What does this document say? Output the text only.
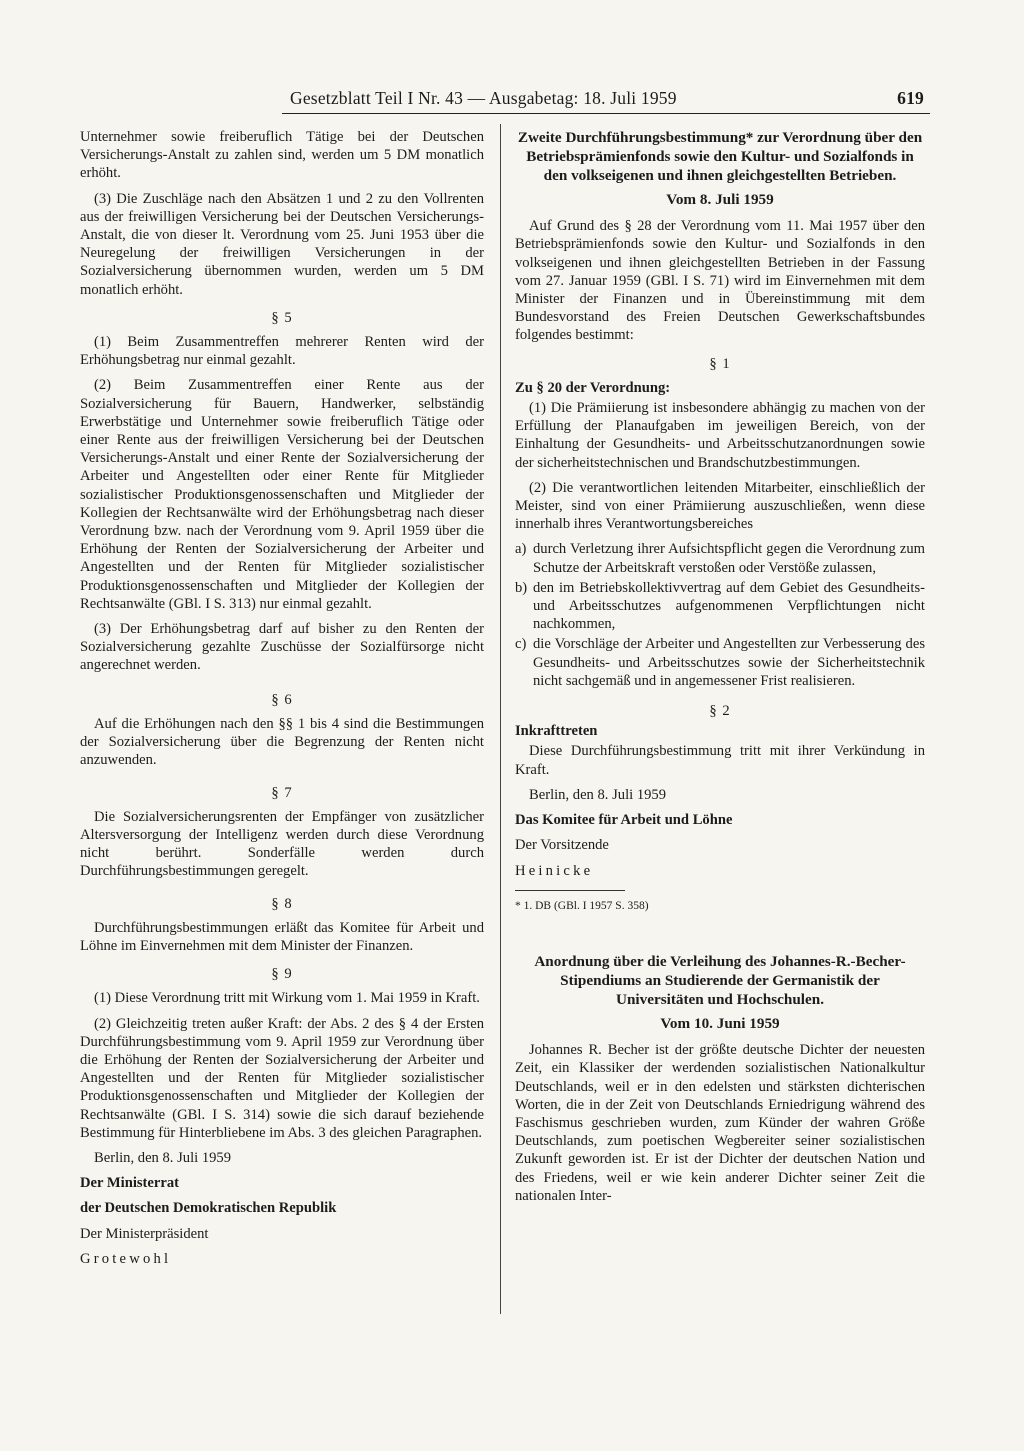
Gesetzblatt Teil I Nr. 43 — Ausgabetag: 18. Juli 1959	619

Unternehmer sowie freiberuflich Tätige bei der Deutschen Versicherungs-Anstalt zu zahlen sind, werden um 5 DM monatlich erhöht.

(3) Die Zuschläge nach den Absätzen 1 und 2 zu den Vollrenten aus der freiwilligen Versicherung bei der Deutschen Versicherungs-Anstalt, die von dieser lt. Verordnung vom 25. Juni 1953 über die Neuregelung der freiwilligen Versicherungen in der Sozialversicherung übernommen wurden, werden um 5 DM monatlich erhöht.

§ 5

(1) Beim Zusammentreffen mehrerer Renten wird der Erhöhungsbetrag nur einmal gezahlt.

(2) Beim Zusammentreffen einer Rente aus der Sozialversicherung für Bauern, Handwerker, selbständig Erwerbstätige und Unternehmer sowie freiberuflich Tätige oder einer Rente aus der freiwilligen Versicherung bei der Deutschen Versicherungs-Anstalt und einer Rente der Sozialversicherung der Arbeiter und Angestellten oder einer Rente für Mitglieder sozialistischer Produktionsgenossenschaften und Mitglieder der Kollegien der Rechtsanwälte wird der Erhöhungsbetrag nach dieser Verordnung bzw. nach der Verordnung vom 9. April 1959 über die Erhöhung der Renten der Sozialversicherung der Arbeiter und Angestellten und der Renten für Mitglieder sozialistischer Produktionsgenossenschaften und Mitglieder der Kollegien der Rechtsanwälte (GBl. I S. 313) nur einmal gezahlt.

(3) Der Erhöhungsbetrag darf auf bisher zu den Renten der Sozialversicherung gezahlte Zuschüsse der Sozialfürsorge nicht angerechnet werden.

§ 6

Auf die Erhöhungen nach den §§ 1 bis 4 sind die Bestimmungen der Sozialversicherung über die Begrenzung der Renten nicht anzuwenden.

§ 7

Die Sozialversicherungsrenten der Empfänger von zusätzlicher Altersversorgung der Intelligenz werden durch diese Verordnung nicht berührt. Sonderfälle werden durch Durchführungsbestimmungen geregelt.

§ 8

Durchführungsbestimmungen erläßt das Komitee für Arbeit und Löhne im Einvernehmen mit dem Minister der Finanzen.

§ 9

(1) Diese Verordnung tritt mit Wirkung vom 1. Mai 1959 in Kraft.

(2) Gleichzeitig treten außer Kraft: der Abs. 2 des § 4 der Ersten Durchführungsbestimmung vom 9. April 1959 zur Verordnung über die Erhöhung der Renten der Sozialversicherung der Arbeiter und Angestellten und der Renten für Mitglieder sozialistischer Produktionsgenossenschaften und Mitglieder der Kollegien der Rechtsanwälte (GBl. I S. 314) sowie die sich darauf beziehende Bestimmung für Hinterbliebene im Abs. 3 des gleichen Paragraphen.

Berlin, den 8. Juli 1959

Der Ministerrat

der Deutschen Demokratischen Republik

Der Ministerpräsident

Grotewohl

Zweite Durchführungsbestimmung* zur Verordnung über den Betriebsprämienfonds sowie den Kultur- und Sozialfonds in den volkseigenen und ihnen gleichgestellten Betrieben.
Vom 8. Juli 1959

Auf Grund des § 28 der Verordnung vom 11. Mai 1957 über den Betriebsprämienfonds sowie den Kultur- und Sozialfonds in den volkseigenen und ihnen gleichgestellten Betrieben in der Fassung vom 27. Januar 1959 (GBl. I S. 71) wird im Einvernehmen mit dem Minister der Finanzen und in Übereinstimmung mit dem Bundesvorstand des Freien Deutschen Gewerkschaftsbundes folgendes bestimmt:

§ 1

Zu § 20 der Verordnung:

(1) Die Prämiierung ist insbesondere abhängig zu machen von der Erfüllung der Planaufgaben im jeweiligen Bereich, von der Einhaltung der Gesundheits- und Arbeitsschutzanordnungen sowie der sicherheitstechnischen und Brandschutzbestimmungen.

(2) Die verantwortlichen leitenden Mitarbeiter, einschließlich der Meister, sind von einer Prämiierung auszuschließen, wenn diese innerhalb ihres Verantwortungsbereiches

a) durch Verletzung ihrer Aufsichtspflicht gegen die Verordnung zum Schutze der Arbeitskraft verstoßen oder Verstöße zulassen,
b) den im Betriebskollektivvertrag auf dem Gebiet des Gesundheits- und Arbeitsschutzes aufgenommenen Verpflichtungen nicht nachkommen,
c) die Vorschläge der Arbeiter und Angestellten zur Verbesserung des Gesundheits- und Arbeitsschutzes sowie der Sicherheitstechnik nicht sachgemäß und in angemessener Frist realisieren.
§ 2

Inkrafttreten

Diese Durchführungsbestimmung tritt mit ihrer Verkündung in Kraft.

Berlin, den 8. Juli 1959

Das Komitee für Arbeit und Löhne

Der Vorsitzende

Heinicke

* 1. DB (GBl. I 1957 S. 358)

Anordnung über die Verleihung des Johannes-R.-Becher-Stipendiums an Studierende der Germanistik der Universitäten und Hochschulen.
Vom 10. Juni 1959

Johannes R. Becher ist der größte deutsche Dichter der neuesten Zeit, ein Klassiker der werdenden sozialistischen Nationalkultur Deutschlands, weil er in den edelsten und stärksten dichterischen Worten, die in der Zeit von Deutschlands Erniedrigung während des Faschismus geschrieben wurden, zum Künder der wahren Größe Deutschlands, zum poetischen Wegbereiter seiner sozialistischen Zukunft geworden ist. Er ist der Dichter der deutschen Nation und des Friedens, weil er wie kein anderer Dichter seiner Zeit die nationalen Inter-
